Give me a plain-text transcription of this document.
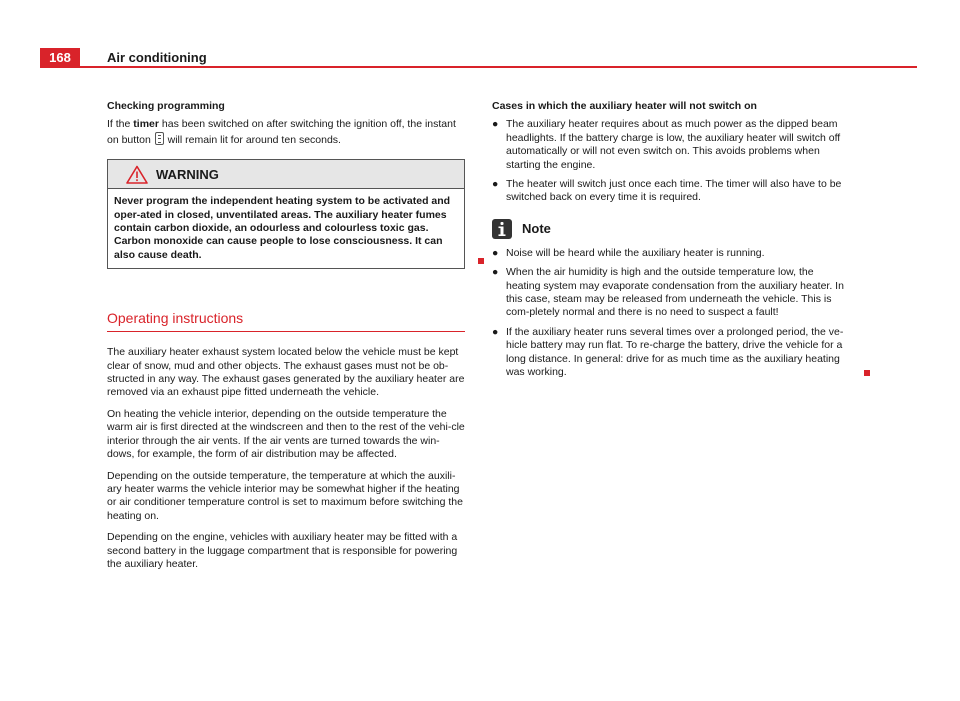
168	Air conditioning

Checking programming

If the timer has been switched on after switching the ignition off, the instant on button will remain lit for around ten seconds.

WARNING
Never program the independent heating system to be activated and oper-ated in closed, unventilated areas. The auxiliary heater fumes contain carbon dioxide, an odourless and colourless toxic gas. Carbon monoxide can cause people to lose consciousness. It can also cause death.
Operating instructions

The auxiliary heater exhaust system located below the vehicle must be kept clear of snow, mud and other objects. The exhaust gases must not be ob-structed in any way. The exhaust gases generated by the auxiliary heater are removed via an exhaust pipe fitted underneath the vehicle.

On heating the vehicle interior, depending on the outside temperature the warm air is first directed at the windscreen and then to the rest of the vehi-cle interior through the air vents. If the air vents are turned towards the win-dows, for example, the form of air distribution may be affected.

Depending on the outside temperature, the temperature at which the auxili-ary heater warms the vehicle interior may be somewhat higher if the heating or air conditioner temperature control is set to maximum before switching the heating on.

Depending on the engine, vehicles with auxiliary heater may be fitted with a second battery in the luggage compartment that is responsible for powering the auxiliary heater.

Cases in which the auxiliary heater will not switch on

● The auxiliary heater requires about as much power as the dipped beam headlights. If the battery charge is low, the auxiliary heater will switch off automatically or will not even switch on. This avoids problems when starting the engine.
● The heater will switch just once each time. The timer will also have to be switched back on every time it is required.
Note
● Noise will be heard while the auxiliary heater is running.
● When the air humidity is high and the outside temperature low, the heating system may evaporate condensation from the auxiliary heater. In this case, steam may be released from underneath the vehicle. This is com-pletely normal and there is no need to suspect a fault!
● If the auxiliary heater runs several times over a prolonged period, the ve-hicle battery may run flat. To re-charge the battery, drive the vehicle for a long distance. In general: drive for as much time as the auxiliary heating was working.
